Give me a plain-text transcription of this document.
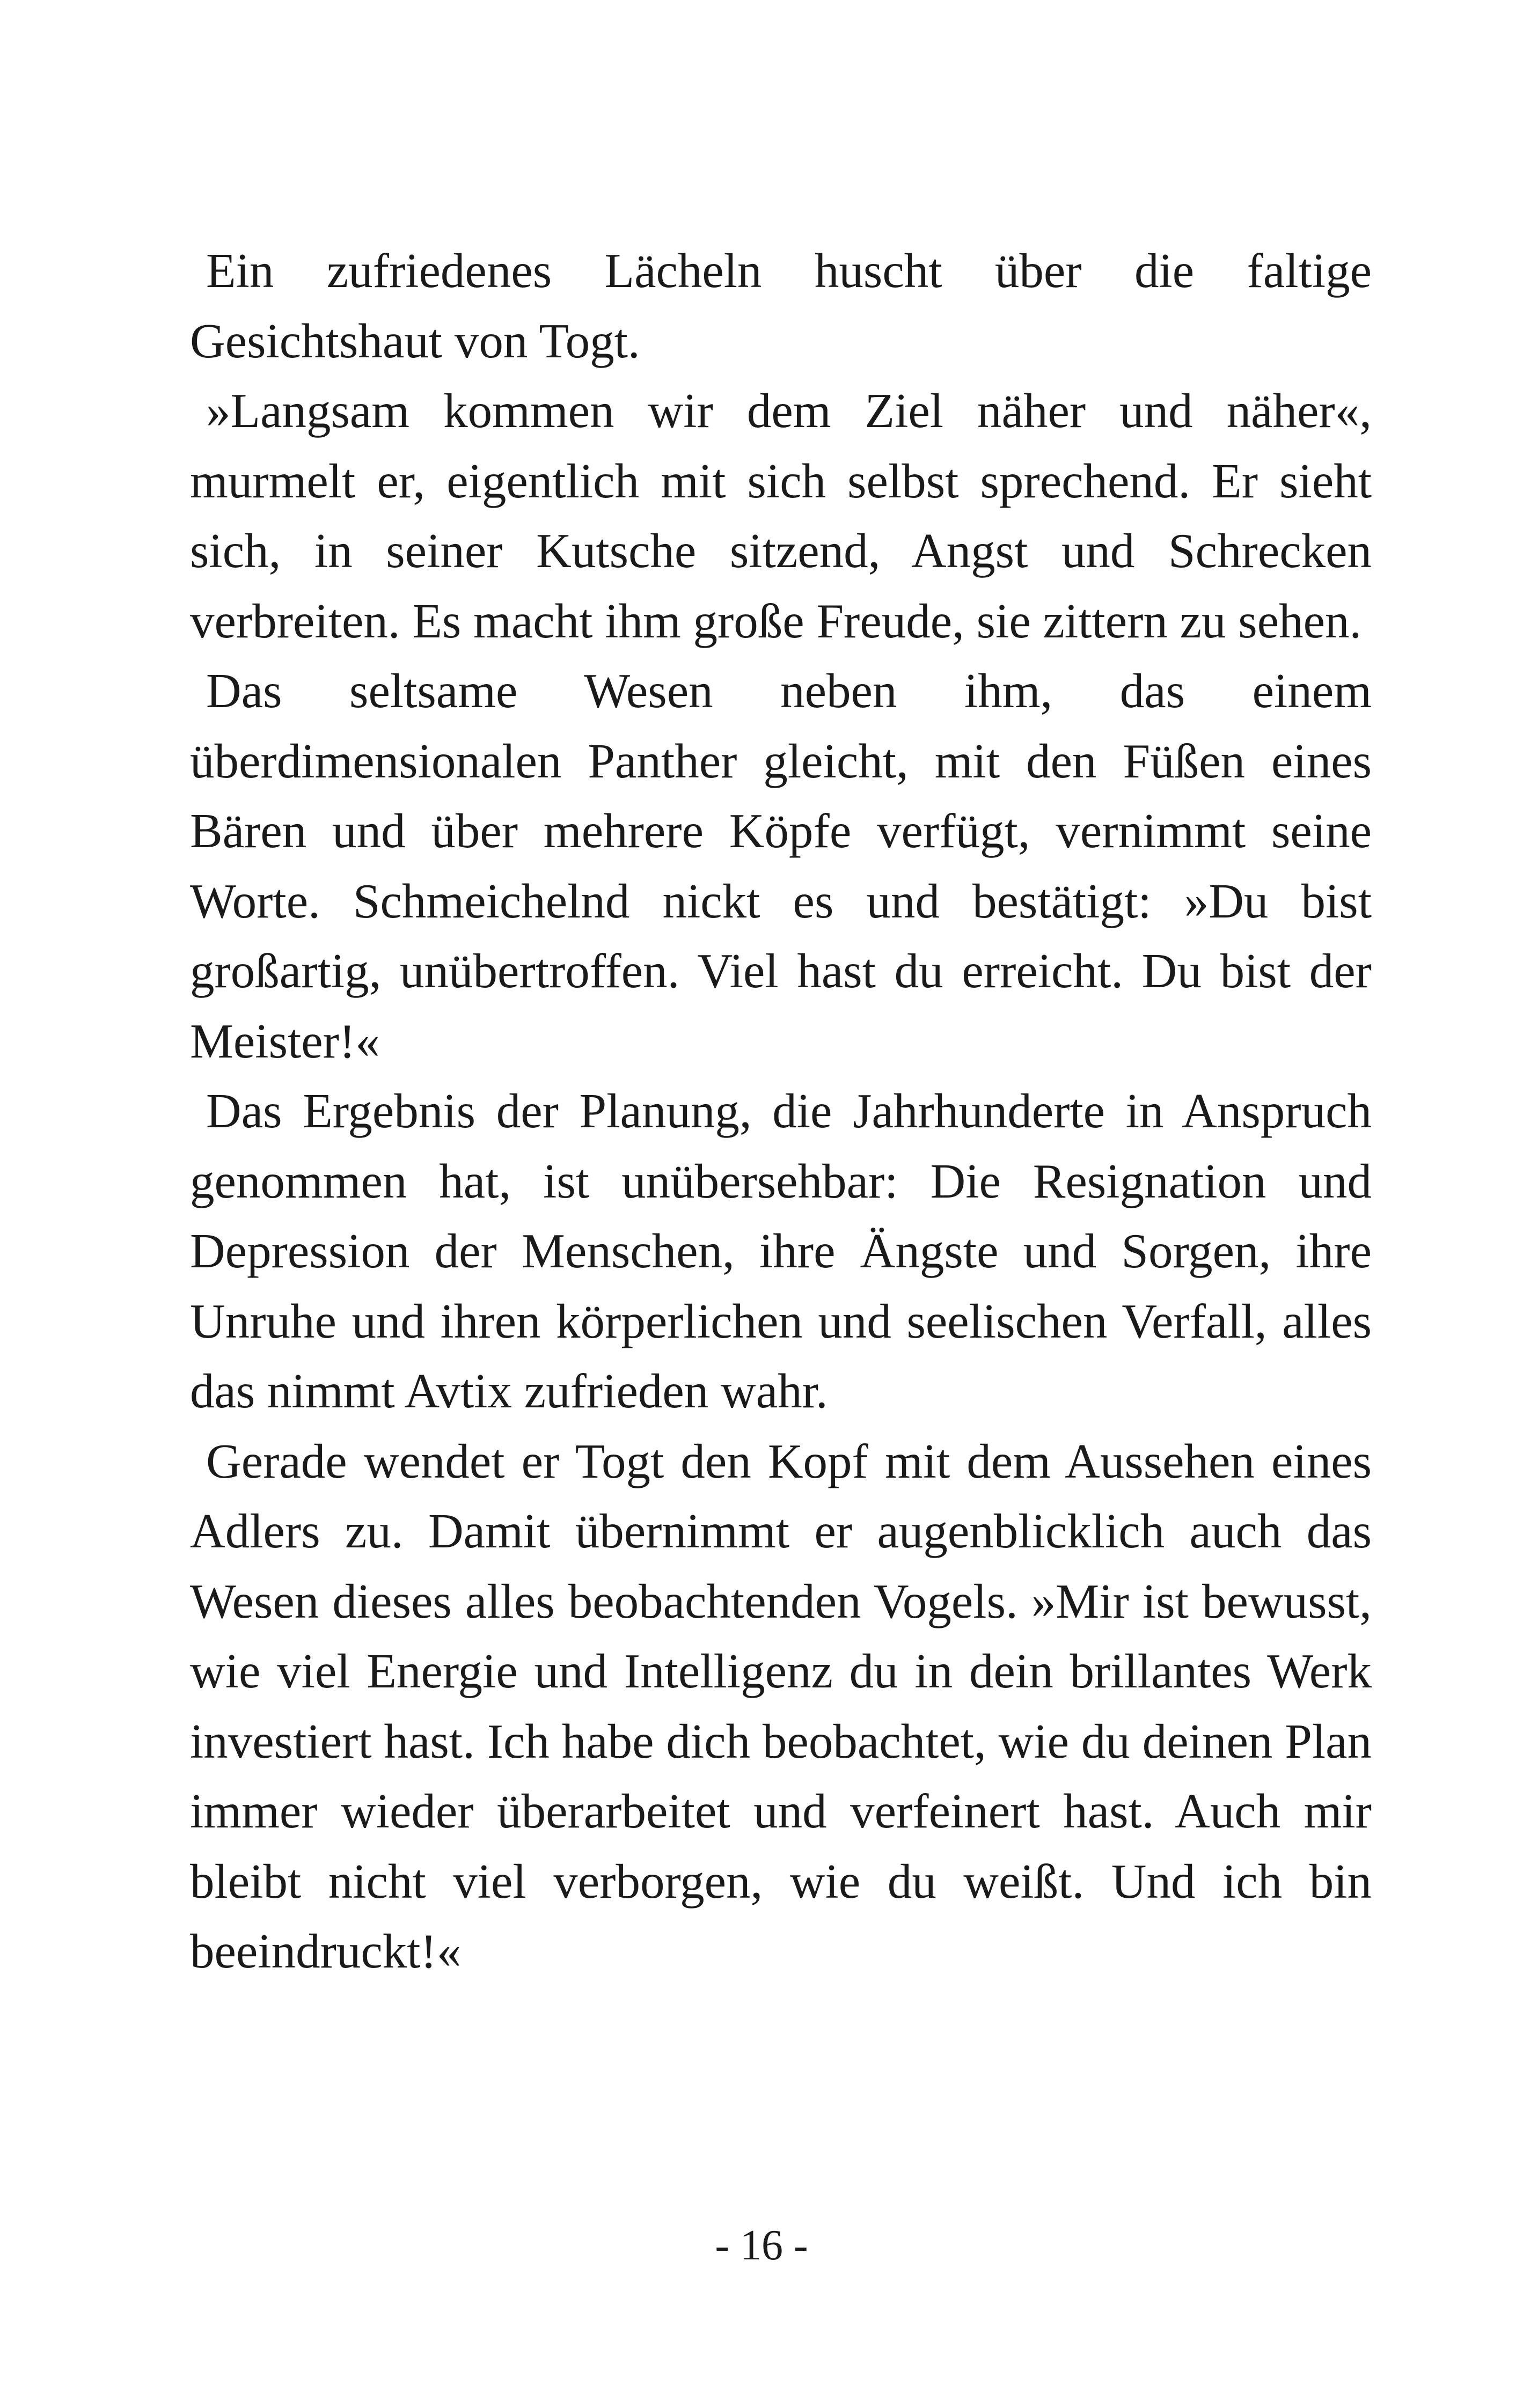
Ein zufriedenes Lächeln huscht über die faltige Gesichtshaut von Togt.

»Langsam kommen wir dem Ziel näher und näher«, murmelt er, eigentlich mit sich selbst sprechend. Er sieht sich, in seiner Kutsche sitzend, Angst und Schrecken verbreiten. Es macht ihm große Freude, sie zittern zu sehen.

Das seltsame Wesen neben ihm, das einem überdimensionalen Panther gleicht, mit den Füßen eines Bären und über mehrere Köpfe verfügt, vernimmt seine Worte. Schmeichelnd nickt es und bestätigt: »Du bist großartig, unübertroffen. Viel hast du erreicht. Du bist der Meister!«

Das Ergebnis der Planung, die Jahrhunderte in Anspruch genommen hat, ist unübersehbar: Die Resignation und Depression der Menschen, ihre Ängste und Sorgen, ihre Unruhe und ihren körperlichen und seelischen Verfall, alles das nimmt Avtix zufrieden wahr.

Gerade wendet er Togt den Kopf mit dem Aussehen eines Adlers zu. Damit übernimmt er augenblicklich auch das Wesen dieses alles beobachtenden Vogels. »Mir ist bewusst, wie viel Energie und Intelligenz du in dein brillantes Werk investiert hast. Ich habe dich beobachtet, wie du deinen Plan immer wieder überarbeitet und verfeinert hast. Auch mir bleibt nicht viel verborgen, wie du weißt. Und ich bin beeindruckt!«

- 16 -
